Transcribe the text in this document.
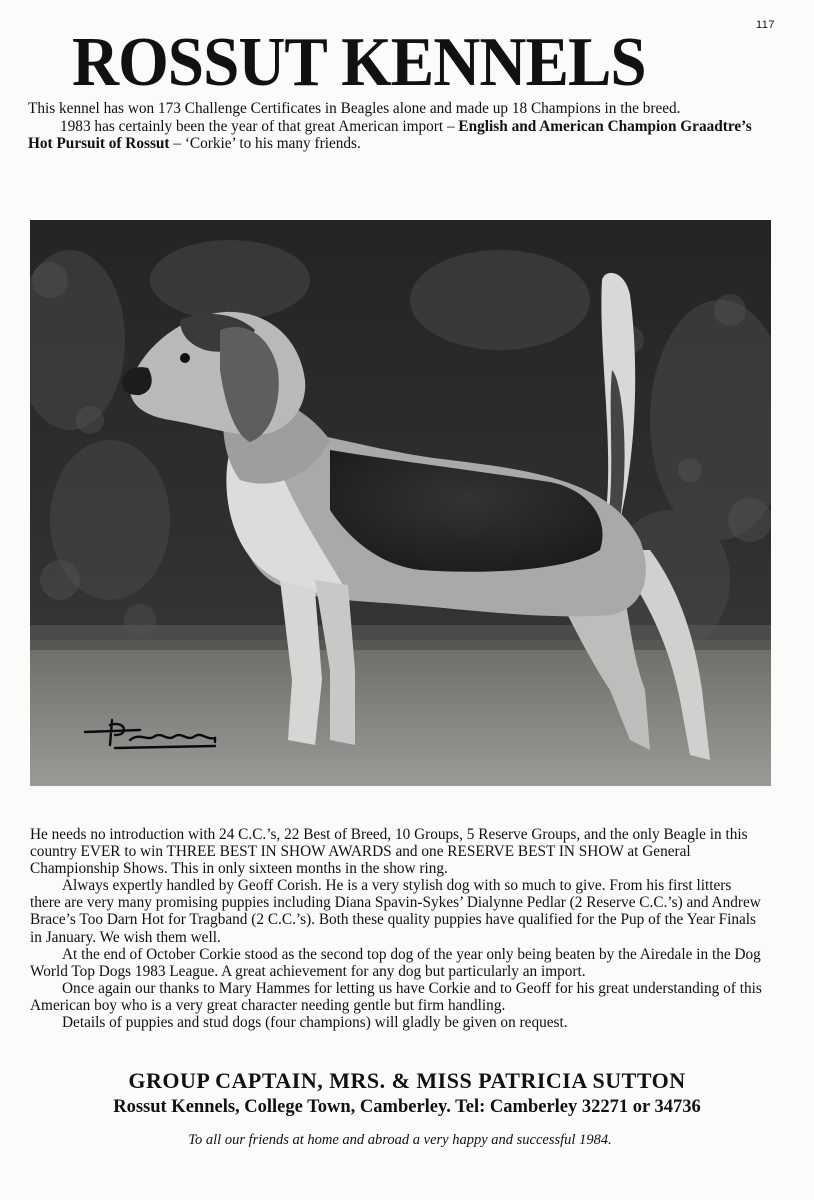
117
ROSSUT KENNELS

This kennel has won 173 Challenge Certificates in Beagles alone and made up 18 Champions in the breed.

1983 has certainly been the year of that great American import – English and American Champion Graadtre’s Hot Pursuit of Rossut – ‘Corkie’ to his many friends.

He needs no introduction with 24 C.C.’s, 22 Best of Breed, 10 Groups, 5 Reserve Groups, and the only Beagle in this country EVER to win THREE BEST IN SHOW AWARDS and one RESERVE BEST IN SHOW at General Championship Shows. This in only sixteen months in the show ring.

Always expertly handled by Geoff Corish. He is a very stylish dog with so much to give. From his first litters there are very many promising puppies including Diana Spavin-Sykes’ Dialynne Pedlar (2 Reserve C.C.’s) and Andrew Brace’s Too Darn Hot for Tragband (2 C.C.’s). Both these quality puppies have qualified for the Pup of the Year Finals in January. We wish them well.

At the end of October Corkie stood as the second top dog of the year only being beaten by the Airedale in the Dog World Top Dogs 1983 League. A great achievement for any dog but particularly an import.

Once again our thanks to Mary Hammes for letting us have Corkie and to Geoff for his great understanding of this American boy who is a very great character needing gentle but firm handling.

Details of puppies and stud dogs (four champions) will gladly be given on request.

GROUP CAPTAIN, MRS. & MISS PATRICIA SUTTON
Rossut Kennels, College Town, Camberley. Tel: Camberley 32271 or 34736
To all our friends at home and abroad a very happy and successful 1984.
